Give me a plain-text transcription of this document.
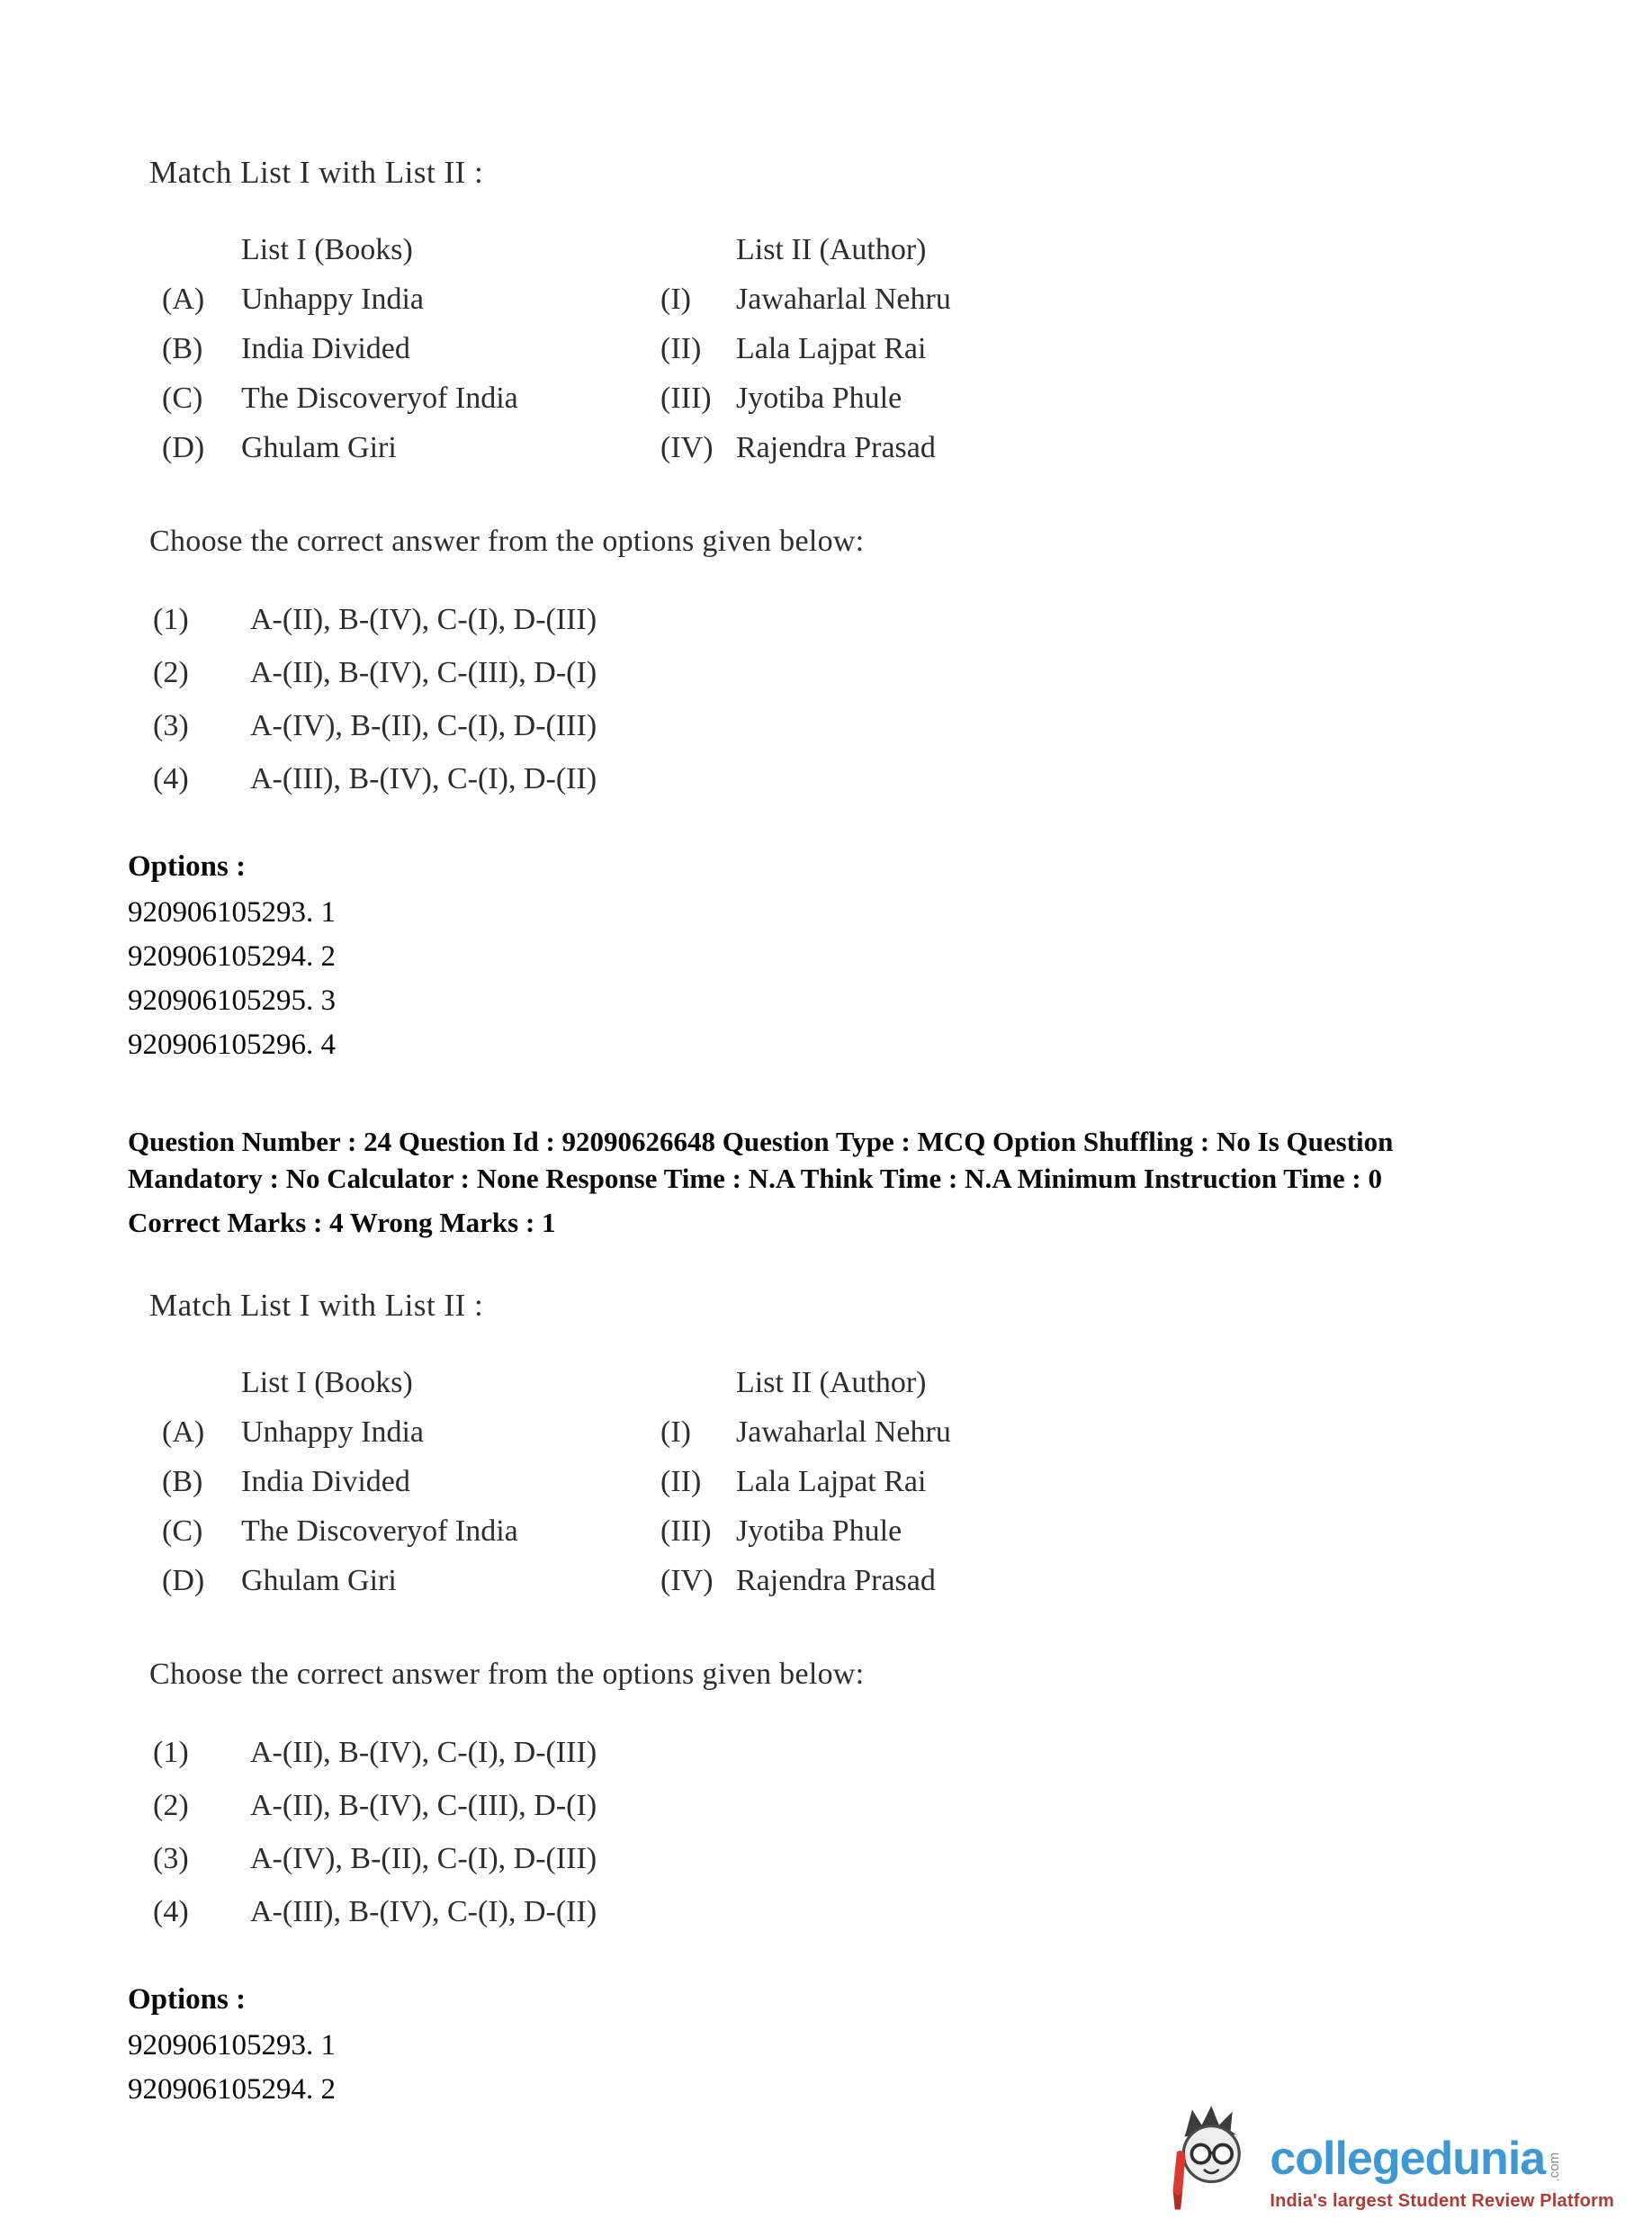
Match List I with List II :
List I (Books)	List II (Author)
(A)	Unhappy India	(I)	Jawaharlal Nehru
(B)	India Divided	(II)	Lala Lajpat Rai
(C)	The Discoveryof India	(III) Jyotiba Phule
(D)	Ghulam Giri	(IV) Rajendra Prasad
Choose the correct answer from the options given below:
(1)	A-(II), B-(IV), C-(I), D-(III)
(2)	A-(II), B-(IV), C-(III), D-(I)
(3)	A-(IV), B-(II), C-(I), D-(III)
(4)	A-(III), B-(IV), C-(I), D-(II)
Options :
920906105293. 1
920906105294. 2
920906105295. 3
920906105296. 4
Question Number : 24 Question Id : 92090626648 Question Type : MCQ Option Shuffling : No Is Question Mandatory : No Calculator : None Response Time : N.A Think Time : N.A Minimum Instruction Time : 0
Correct Marks : 4 Wrong Marks : 1
Match List I with List II :
List I (Books)	List II (Author)
(A)	Unhappy India	(I)	Jawaharlal Nehru
(B)	India Divided	(II)	Lala Lajpat Rai
(C)	The Discoveryof India	(III) Jyotiba Phule
(D)	Ghulam Giri	(IV) Rajendra Prasad
Choose the correct answer from the options given below:
(1)	A-(II), B-(IV), C-(I), D-(III)
(2)	A-(II), B-(IV), C-(III), D-(I)
(3)	A-(IV), B-(II), C-(I), D-(III)
(4)	A-(III), B-(IV), C-(I), D-(II)
Options :
920906105293. 1
920906105294. 2
collegedunia .com
India's largest Student Review Platform
